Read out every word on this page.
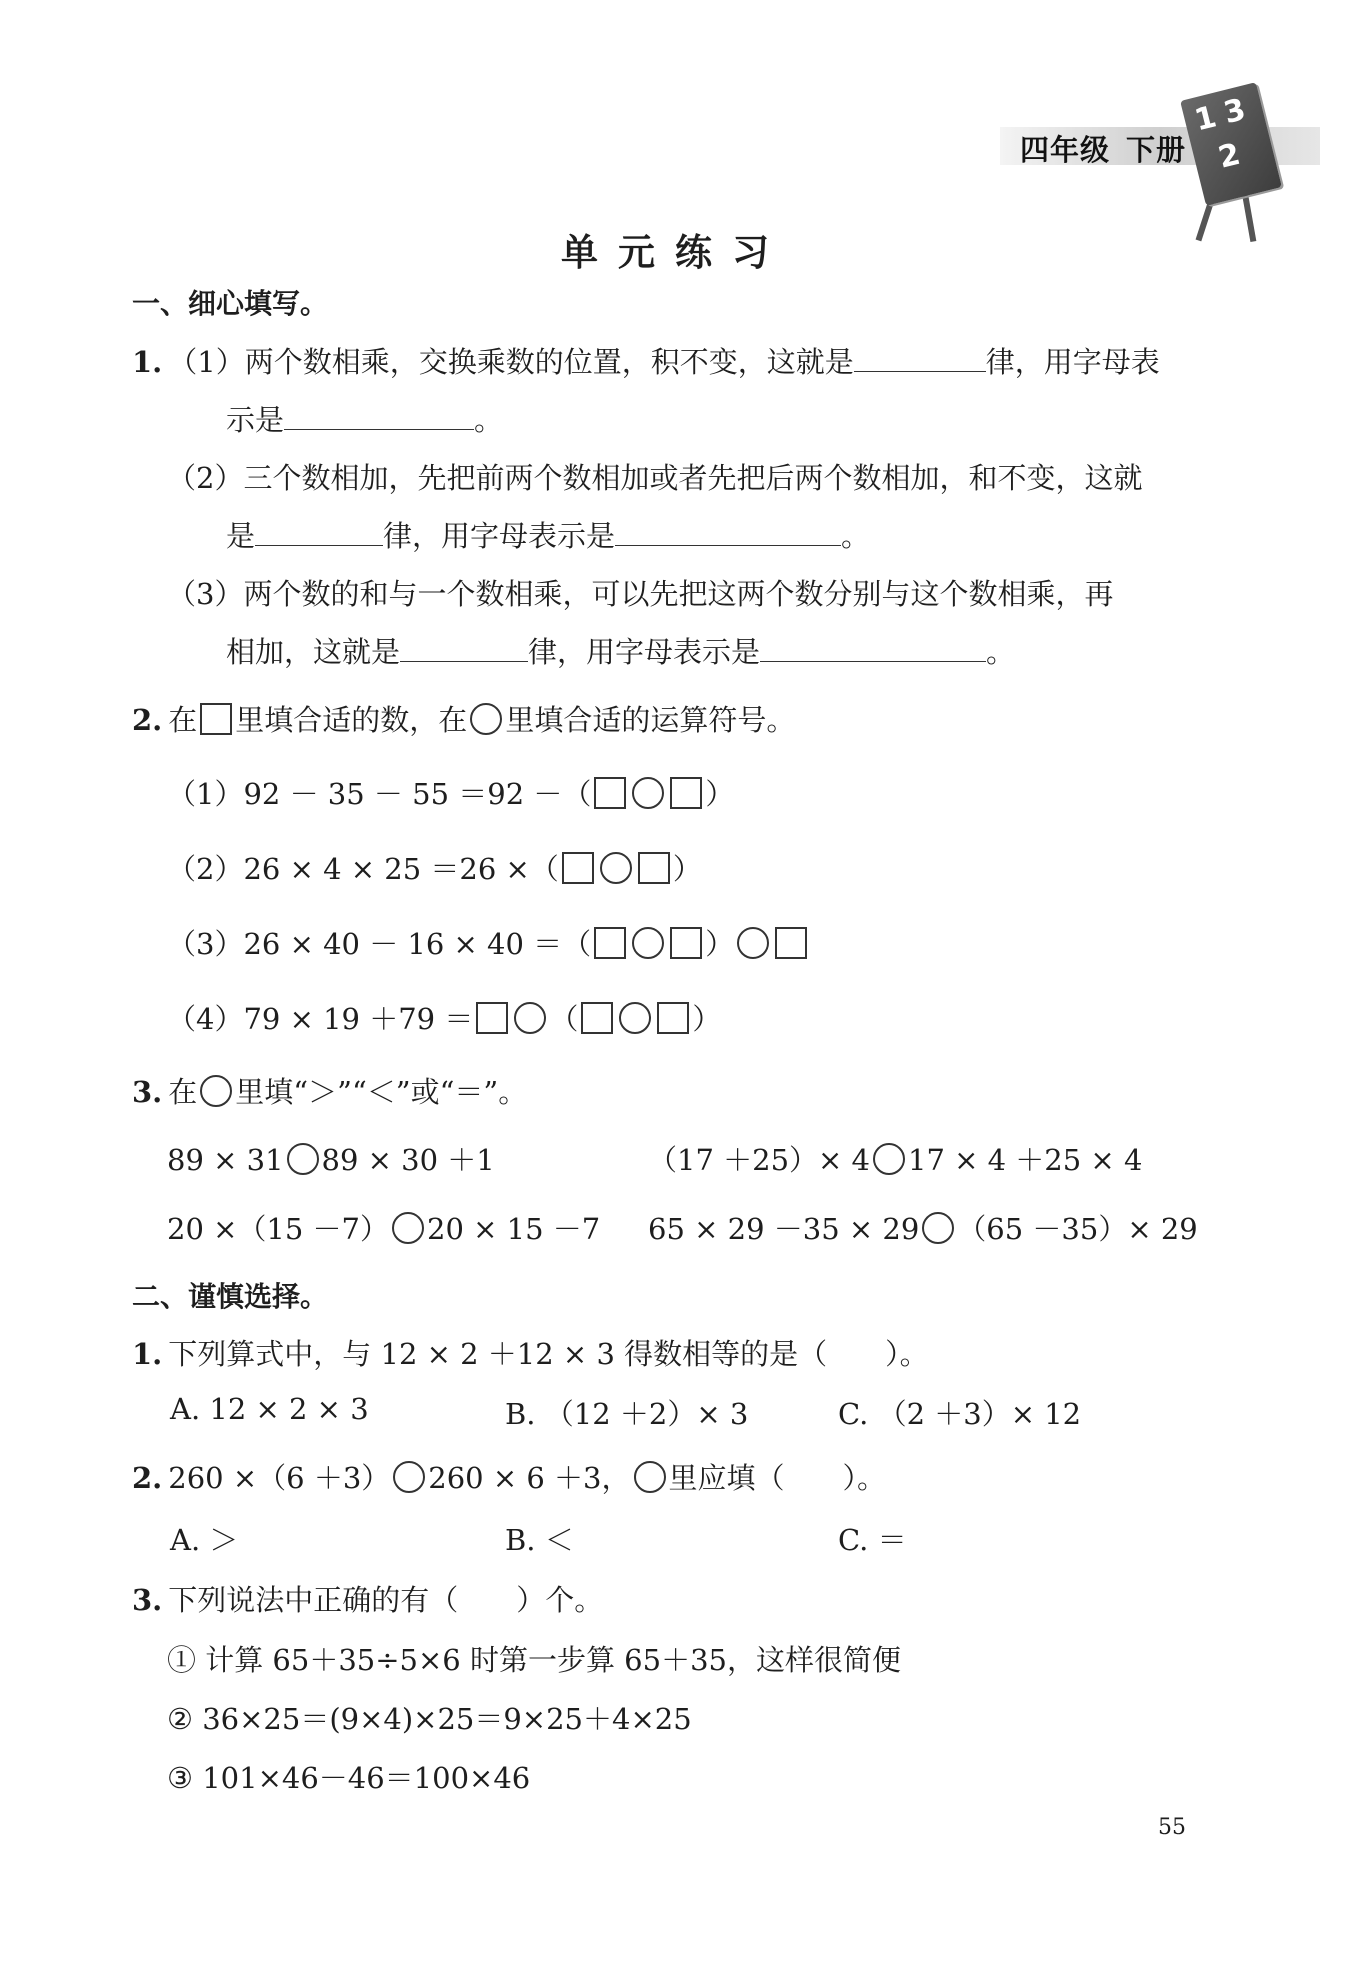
四年级 下册
1 3
2
单元练习
一、细心填写。
1. （1）两个数相乘，交换乘数的位置，积不变，这就是	律，用字母表
示是	。
（2）三个数相加，先把前两个数相加或者先把后两个数相加，和不变，这就
是	律，用字母表示是	。
（3）两个数的和与一个数相乘，可以先把这两个数分别与这个数相乘，再
相加，这就是	律，用字母表示是	。
2. 在 里填合适的数，在 里填合适的运算符号。
（1）92 － 35 － 55 ＝92 －（	）
（2）26 × 4 × 25 ＝26 ×（	）
（3）26 × 40 － 16 × 40 ＝（	）
（4）79 × 19 ＋79 ＝	（	）
3. 在 里填“＞”“＜”或“＝”。
89 × 31 89 × 30 ＋1	（17 ＋25）× 4 17 × 4 ＋25 × 4
20 ×（15 －7） 20 × 15 －7 65 × 29 －35 × 29 （65 －35）× 29
二、谨慎选择。
1. 下列算式中，与 12 × 2 ＋12 × 3 得数相等的是（　　）。
A. 12 × 2 × 3	B. （12 ＋2）× 3	C. （2 ＋3）× 12
2. 260 ×（6 ＋3） 260 × 6 ＋3， 里应填（　　）。
A. ＞	B. ＜	C. ＝
3. 下列说法中正确的有（　　）个。
① 计算 65＋35÷5×6 时第一步算 65＋35，这样很简便
② 36×25＝(9×4)×25＝9×25＋4×25
③ 101×46－46＝100×46
55
